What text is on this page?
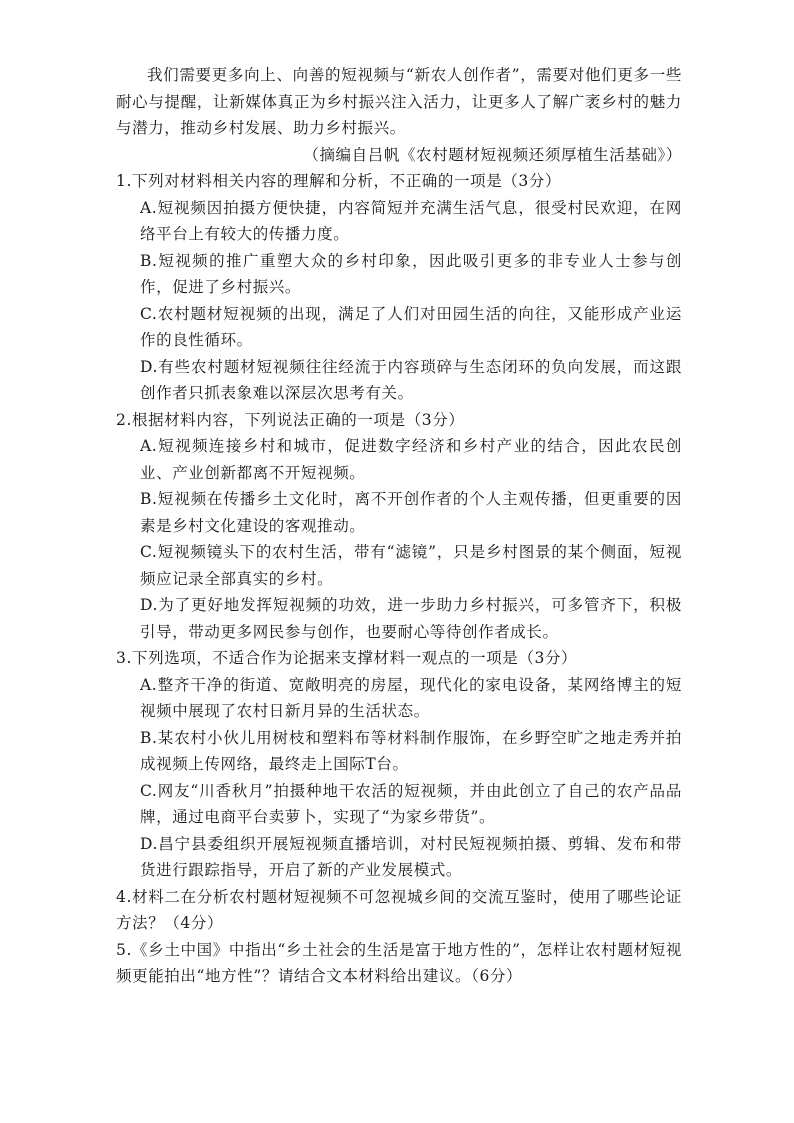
我们需要更多向上、向善的短视频与“新农人创作者”，需要对他们更多一些耐心与提醒，让新媒体真正为乡村振兴注入活力，让更多人了解广袤乡村的魅力与潜力，推动乡村发展、助力乡村振兴。

（摘编自吕帆《农村题材短视频还须厚植生活基础》）

1.下列对材料相关内容的理解和分析，不正确的一项是（3分）

A.短视频因拍摄方便快捷，内容简短并充满生活气息，很受村民欢迎，在网络平台上有较大的传播力度。

B.短视频的推广重塑大众的乡村印象，因此吸引更多的非专业人士参与创作，促进了乡村振兴。

C.农村题材短视频的出现，满足了人们对田园生活的向往，又能形成产业运作的良性循环。

D.有些农村题材短视频往往经流于内容琐碎与生态闭环的负向发展，而这跟创作者只抓表象难以深层次思考有关。

2.根据材料内容，下列说法正确的一项是（3分）

A.短视频连接乡村和城市，促进数字经济和乡村产业的结合，因此农民创业、产业创新都离不开短视频。

B.短视频在传播乡土文化时，离不开创作者的个人主观传播，但更重要的因素是乡村文化建设的客观推动。

C.短视频镜头下的农村生活，带有“滤镜”，只是乡村图景的某个侧面，短视频应记录全部真实的乡村。

D.为了更好地发挥短视频的功效，进一步助力乡村振兴，可多管齐下，积极引导，带动更多网民参与创作，也要耐心等待创作者成长。

3.下列选项，不适合作为论据来支撑材料一观点的一项是（3分）

A.整齐干净的街道、宽敞明亮的房屋，现代化的家电设备，某网络博主的短视频中展现了农村日新月异的生活状态。

B.某农村小伙儿用树枝和塑料布等材料制作服饰，在乡野空旷之地走秀并拍成视频上传网络，最终走上国际T台。

C.网友“川香秋月”拍摄种地干农活的短视频，并由此创立了自己的农产品品牌，通过电商平台卖萝卜，实现了“为家乡带货”。

D.昌宁县委组织开展短视频直播培训，对村民短视频拍摄、剪辑、发布和带货进行跟踪指导，开启了新的产业发展模式。

4.材料二在分析农村题材短视频不可忽视城乡间的交流互鉴时，使用了哪些论证方法？（4分）

5.《乡土中国》中指出“乡土社会的生活是富于地方性的”，怎样让农村题材短视频更能拍出“地方性”？请结合文本材料给出建议。（6分）
